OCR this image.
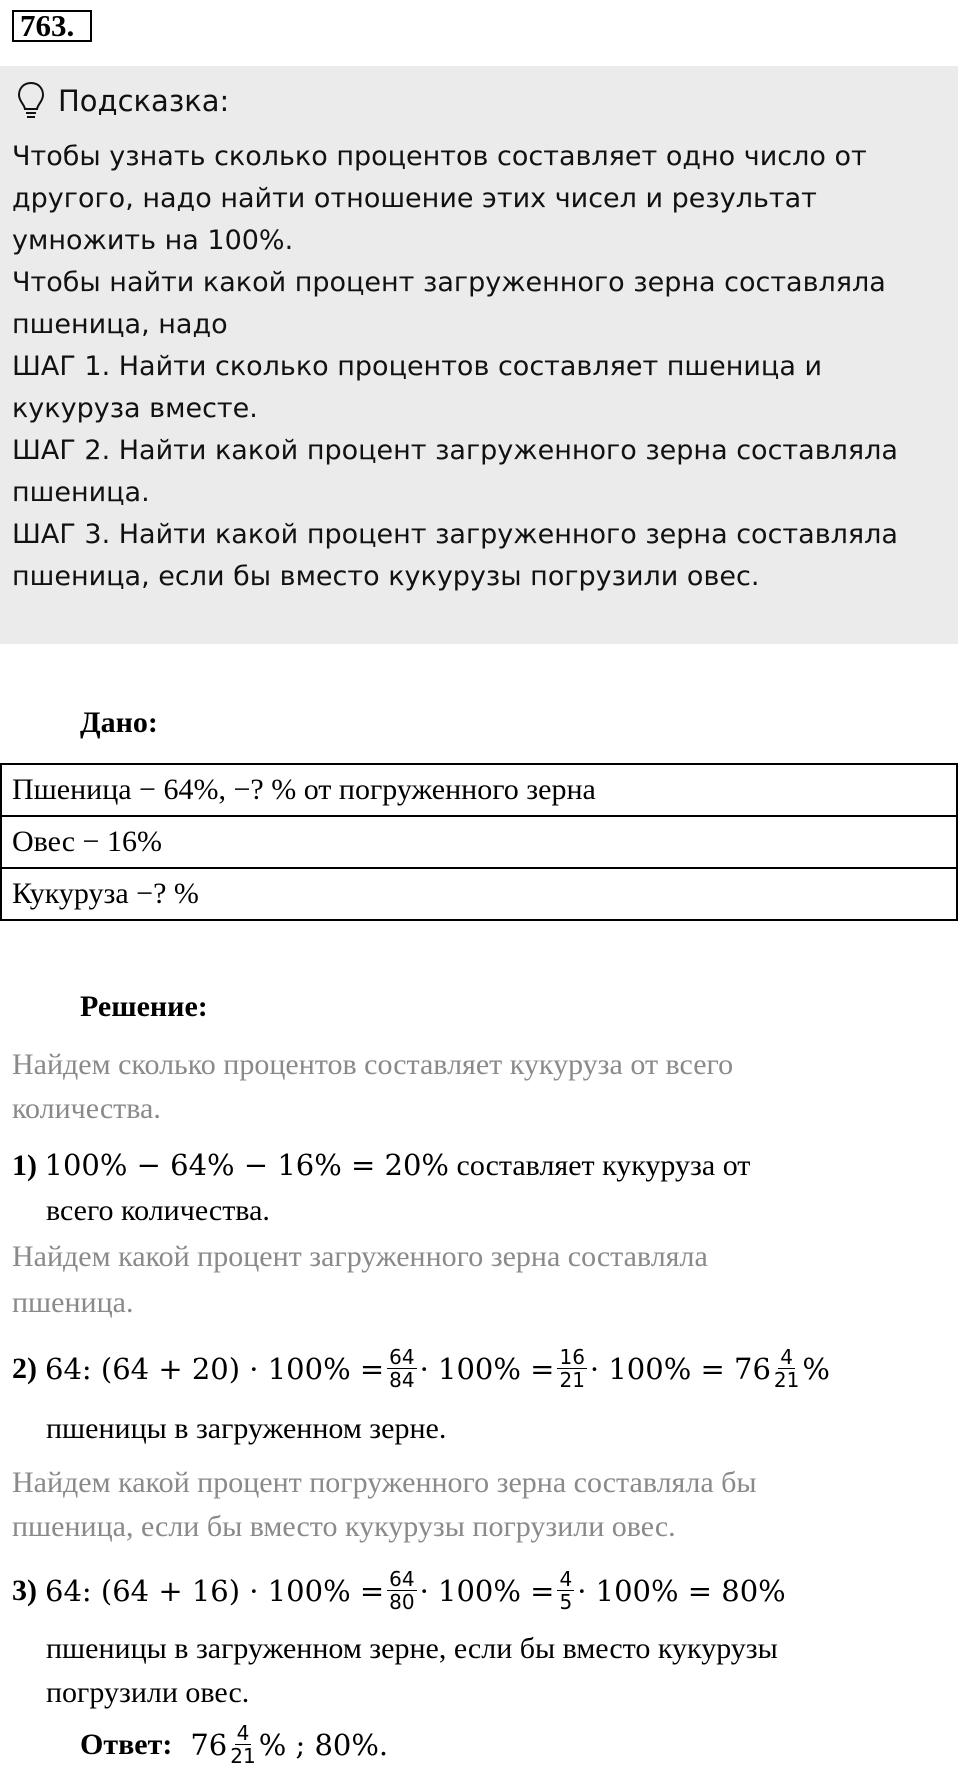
763.
Подсказка:
Чтобы узнать сколько процентов составляет одно число от
другого, надо найти отношение этих чисел и результат
умножить на 100%.
Чтобы найти какой процент загруженного зерна составляла
пшеница, надо
ШАГ 1. Найти сколько процентов составляет пшеница и
кукуруза вместе.
ШАГ 2. Найти какой процент загруженного зерна составляла
пшеница.
ШАГ 3. Найти какой процент загруженного зерна составляла
пшеница, если бы вместо кукурузы погрузили овес.
Дано:
Пшеница − 64%, −? % от погруженного зерна
Овес − 16%
Кукуруза −? %
Решение:
Найдем сколько процентов составляет кукуруза от всего
количества.
1) 100% − 64% − 16% = 20% составляет кукуруза от
всего количества.
Найдем какой процент загруженного зерна составляла
пшеница.
2) 64: $(64 + 20) \cdot 100\% = \frac{64}{84} \cdot 100\% = \frac{16}{21} \cdot 100\% = 76 \frac{4}{21}$ %
пшеницы в загруженном зерне.
Найдем какой процент погруженного зерна составляла бы
пшеница, если бы вместо кукурузы погрузили овес.
3) 64: $(64 + 16) \cdot 100\% = \frac{64}{80} \cdot 100\% = \frac{4}{5} \cdot 100\% = 80\%$
пшеницы в загруженном зерне, если бы вместо кукурузы
погрузили овес.
Ответ: $76 \frac{4}{21}$ % ; 80%.
